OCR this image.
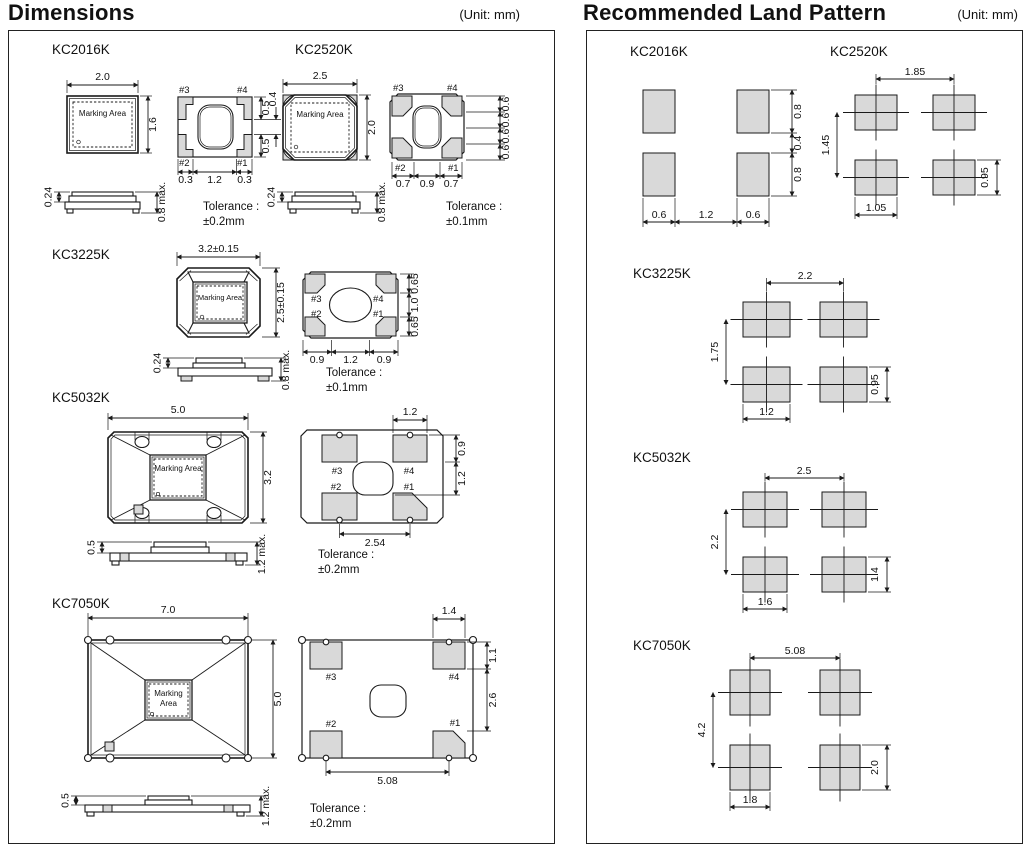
Dimensions	(Unit: mm)	Recommended Land Pattern	(Unit: mm)
KC2016K
Marking Area
2.0
1.6
#3	#4
#2	#1
0.5
0.5
0.4
0.3 1.2 0.3
0.24	0.8 max.	Tolerance :
±0.2mm
KC2520K
Marking Area
2.5
2.0
#3	#4
#2	#1
0.6
0.6
0.6
0.6
0.7 0.9 0.7
0.24	0.8 max.	Tolerance :
±0.1mm
KC3225K
Marking Area
3.2±0.15
2.5±0.15	#3	#4
#2	#1
0.65
1.0
0.65
0.9 1.2 0.9
0.24	0.8 max.	Tolerance :
±0.1mm
KC5032K
Marking Area
5.0
3.2	#3	#4
#2	#1
1.2
0.9
1.2
2.54
0.5	1.2 max.	Tolerance :
±0.2mm
KC7050K
Marking
Area
7.0
5.0
#3	#4
#2	#1
1.4
1.1
2.6
5.08
0.5	1.2 max.	Tolerance :
±0.2mm
KC2016K
0.8
0.4
0.8
0.6	1.2	0.6
KC2520K
1.85
1.45
1.05
0.95
KC3225K	2.2
1.75
1.2
0.95
KC5032K
2.5
2.2
1.6
1.4
KC7050K	5.08
4.2
1.8
2.0
